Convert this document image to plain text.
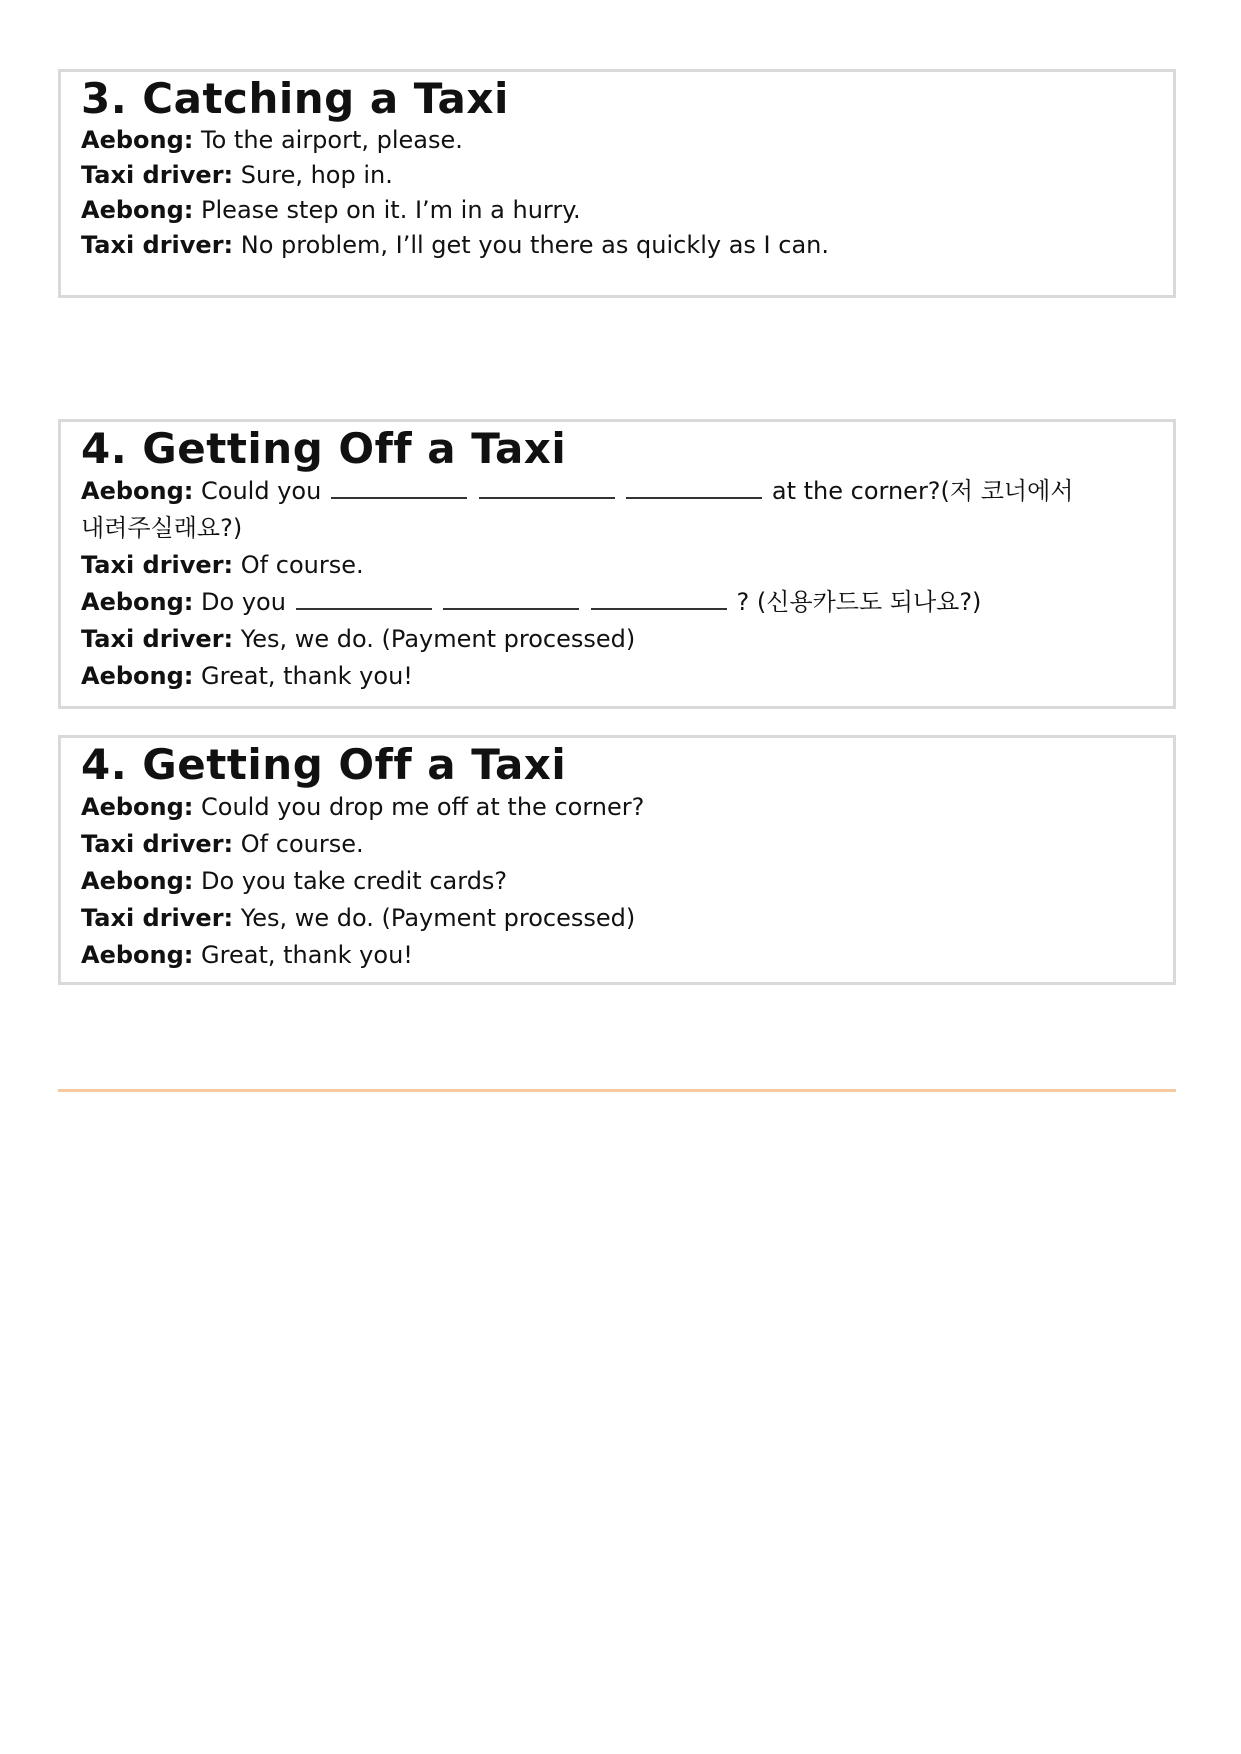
3. Catching a Taxi
Aebong: To the airport, please.
Taxi driver: Sure, hop in.
Aebong: Please step on it. I’m in a hurry.
Taxi driver: No problem, I’ll get you there as quickly as I can.
4. Getting Off a Taxi
Aebong: Could you	at the corner?(저 코너에서 내려주실래요?)
Taxi driver: Of course.
Aebong: Do you	? (신용카드도 되나요?)
Taxi driver: Yes, we do. (Payment processed)
Aebong: Great, thank you!
4. Getting Off a Taxi
Aebong: Could you drop me off at the corner?
Taxi driver: Of course.
Aebong: Do you take credit cards?
Taxi driver: Yes, we do. (Payment processed)
Aebong: Great, thank you!
